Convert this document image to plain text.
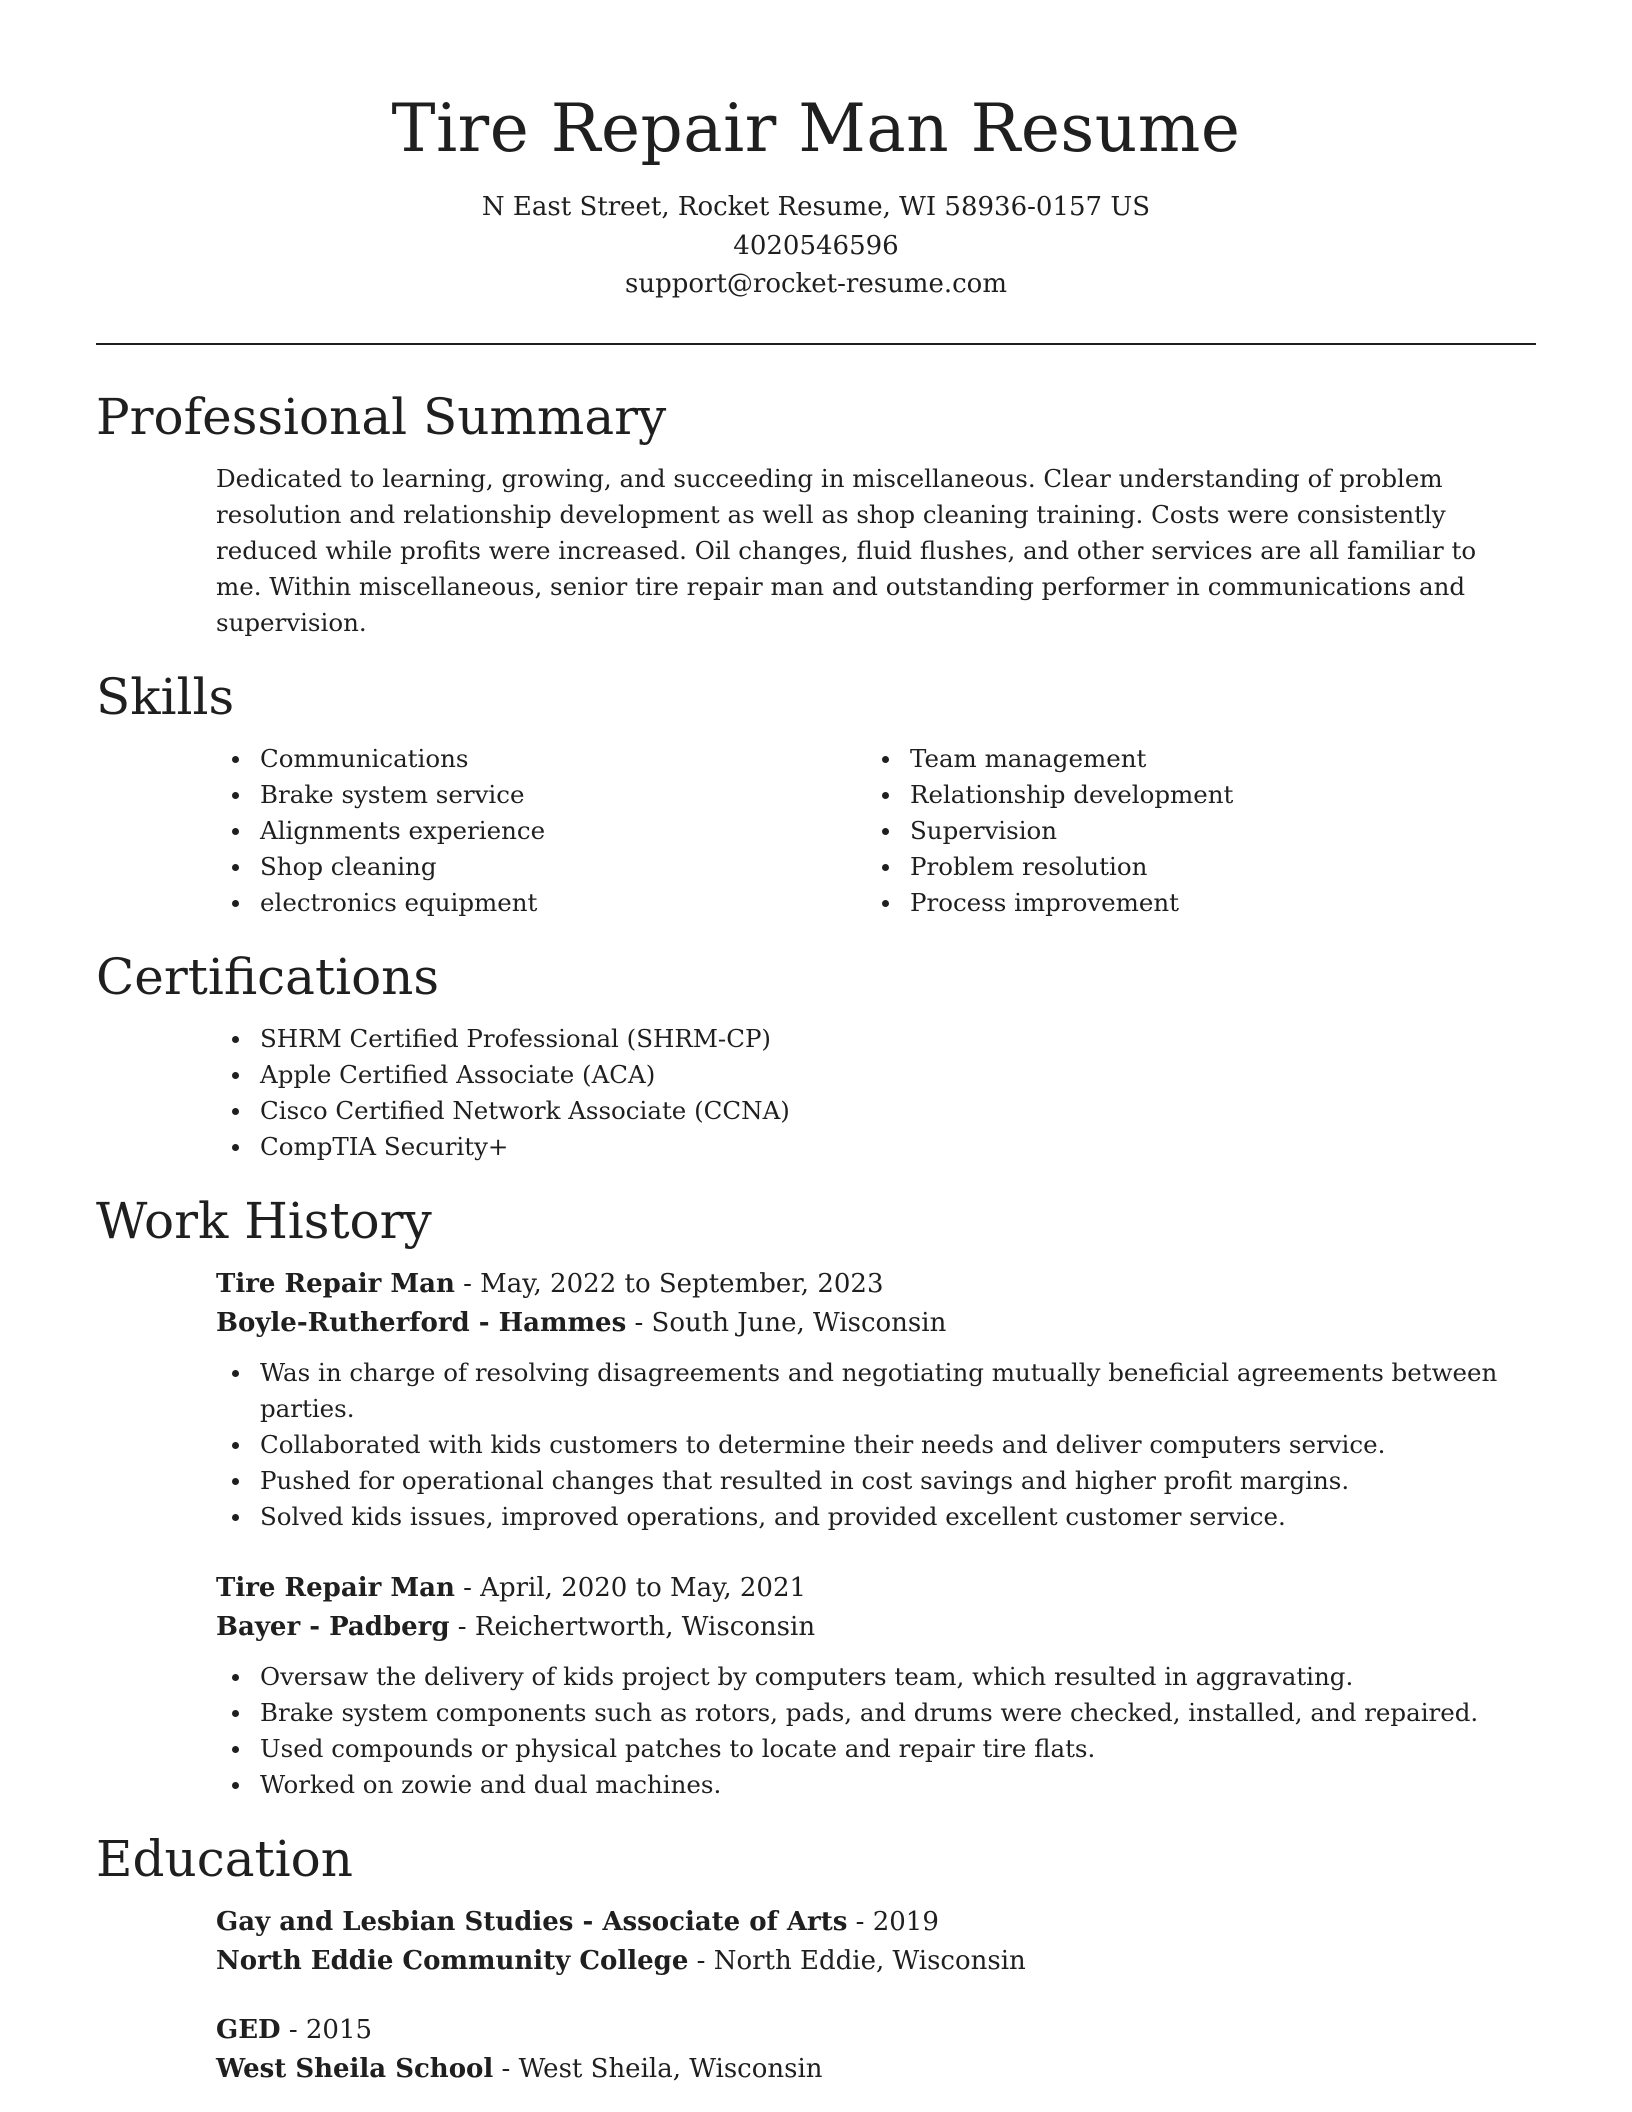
Tire Repair Man Resume
N East Street, Rocket Resume, WI 58936-0157 US
4020546596
support@rocket-resume.com
Professional Summary

Dedicated to learning, growing, and succeeding in miscellaneous. Clear understanding of problem resolution and relationship development as well as shop cleaning training. Costs were consistently reduced while profits were increased. Oil changes, fluid flushes, and other services are all familiar to me. Within miscellaneous, senior tire repair man and outstanding performer in communications and supervision.

Skills
Communications
Brake system service
Alignments experience
Shop cleaning
electronics equipment
Team management
Relationship development
Supervision
Problem resolution
Process improvement
Certifications
SHRM Certified Professional (SHRM-CP)
Apple Certified Associate (ACA)
Cisco Certified Network Associate (CCNA)
CompTIA Security+
Work History
Tire Repair Man - May, 2022 to September, 2023
Boyle-Rutherford - Hammes - South June, Wisconsin
Was in charge of resolving disagreements and negotiating mutually beneficial agreements between parties.
Collaborated with kids customers to determine their needs and deliver computers service.
Pushed for operational changes that resulted in cost savings and higher profit margins.
Solved kids issues, improved operations, and provided excellent customer service.
Tire Repair Man - April, 2020 to May, 2021
Bayer - Padberg - Reichertworth, Wisconsin
Oversaw the delivery of kids project by computers team, which resulted in aggravating.
Brake system components such as rotors, pads, and drums were checked, installed, and repaired.
Used compounds or physical patches to locate and repair tire flats.
Worked on zowie and dual machines.
Education
Gay and Lesbian Studies - Associate of Arts - 2019
North Eddie Community College - North Eddie, Wisconsin
GED - 2015
West Sheila School - West Sheila, Wisconsin
